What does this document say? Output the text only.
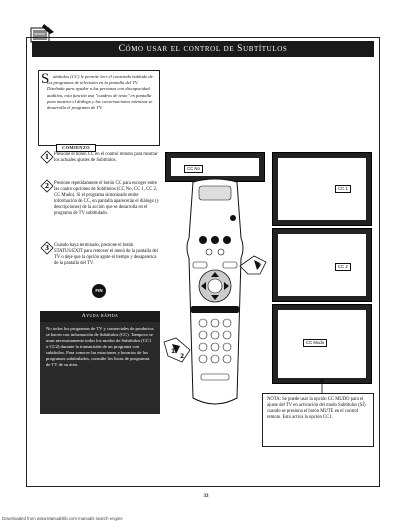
Cómo usar el control de Subtítulos
S ubtítulos (CC) le permite leer el contenido hablado de los programas de televisión en la pantalla del TV. Diseñada para ayudar a las personas con discapacidad auditiva, esta función usa "cuadros de texto" en pantalla para mostrar el diálogo y las conversaciones mientras se desarrolla el programa de TV.
COMIENZO
1 Presione el botón CC en el control remoto para mostrar los actuales ajustes de Subtítulos.
2 Presione repetidamente el botón CC para escoger entre las cuatro opciones de Subtítulos (CC No, CC 1, CC 2, CC Mudo). Si el programa sintonizado emite información de CC, en pantalla aparecerán el diálogo (y descripciones) de la acción que se desarrolla en el programa de TV subtitulado.
3 Cuando haya terminado, presione el botón STATUS/EXIT para remover el menú de la pantalla del TV o deje que la opción agote el tiempo y desaparezca de la pantalla del TV.
FIN
Ayuda rápida
No todos los programas de TV y comerciales de productos se hacen con información de Subtítulos (CC). Tampoco se usan necesariamente todos los modos de Subtítulos (CC1 o CC2) durante la transmisión de un programa con subtítulos. Para conocer las estaciones y horarios de los programas subtitulados, consulte los listas de programas de TV de su área.
CC No
CC 1
CC 2
CC Mudo
3
1
2
NOTA: Se puede usar la opción CC MUDO para el ajuste del TV en activación del modo Subtítulos (SÍ) cuando se presiona el botón MUTE en el control remoto. Esto activa la opción CC1.
33
Downloaded from www.Manualslib.com manuals search engine
